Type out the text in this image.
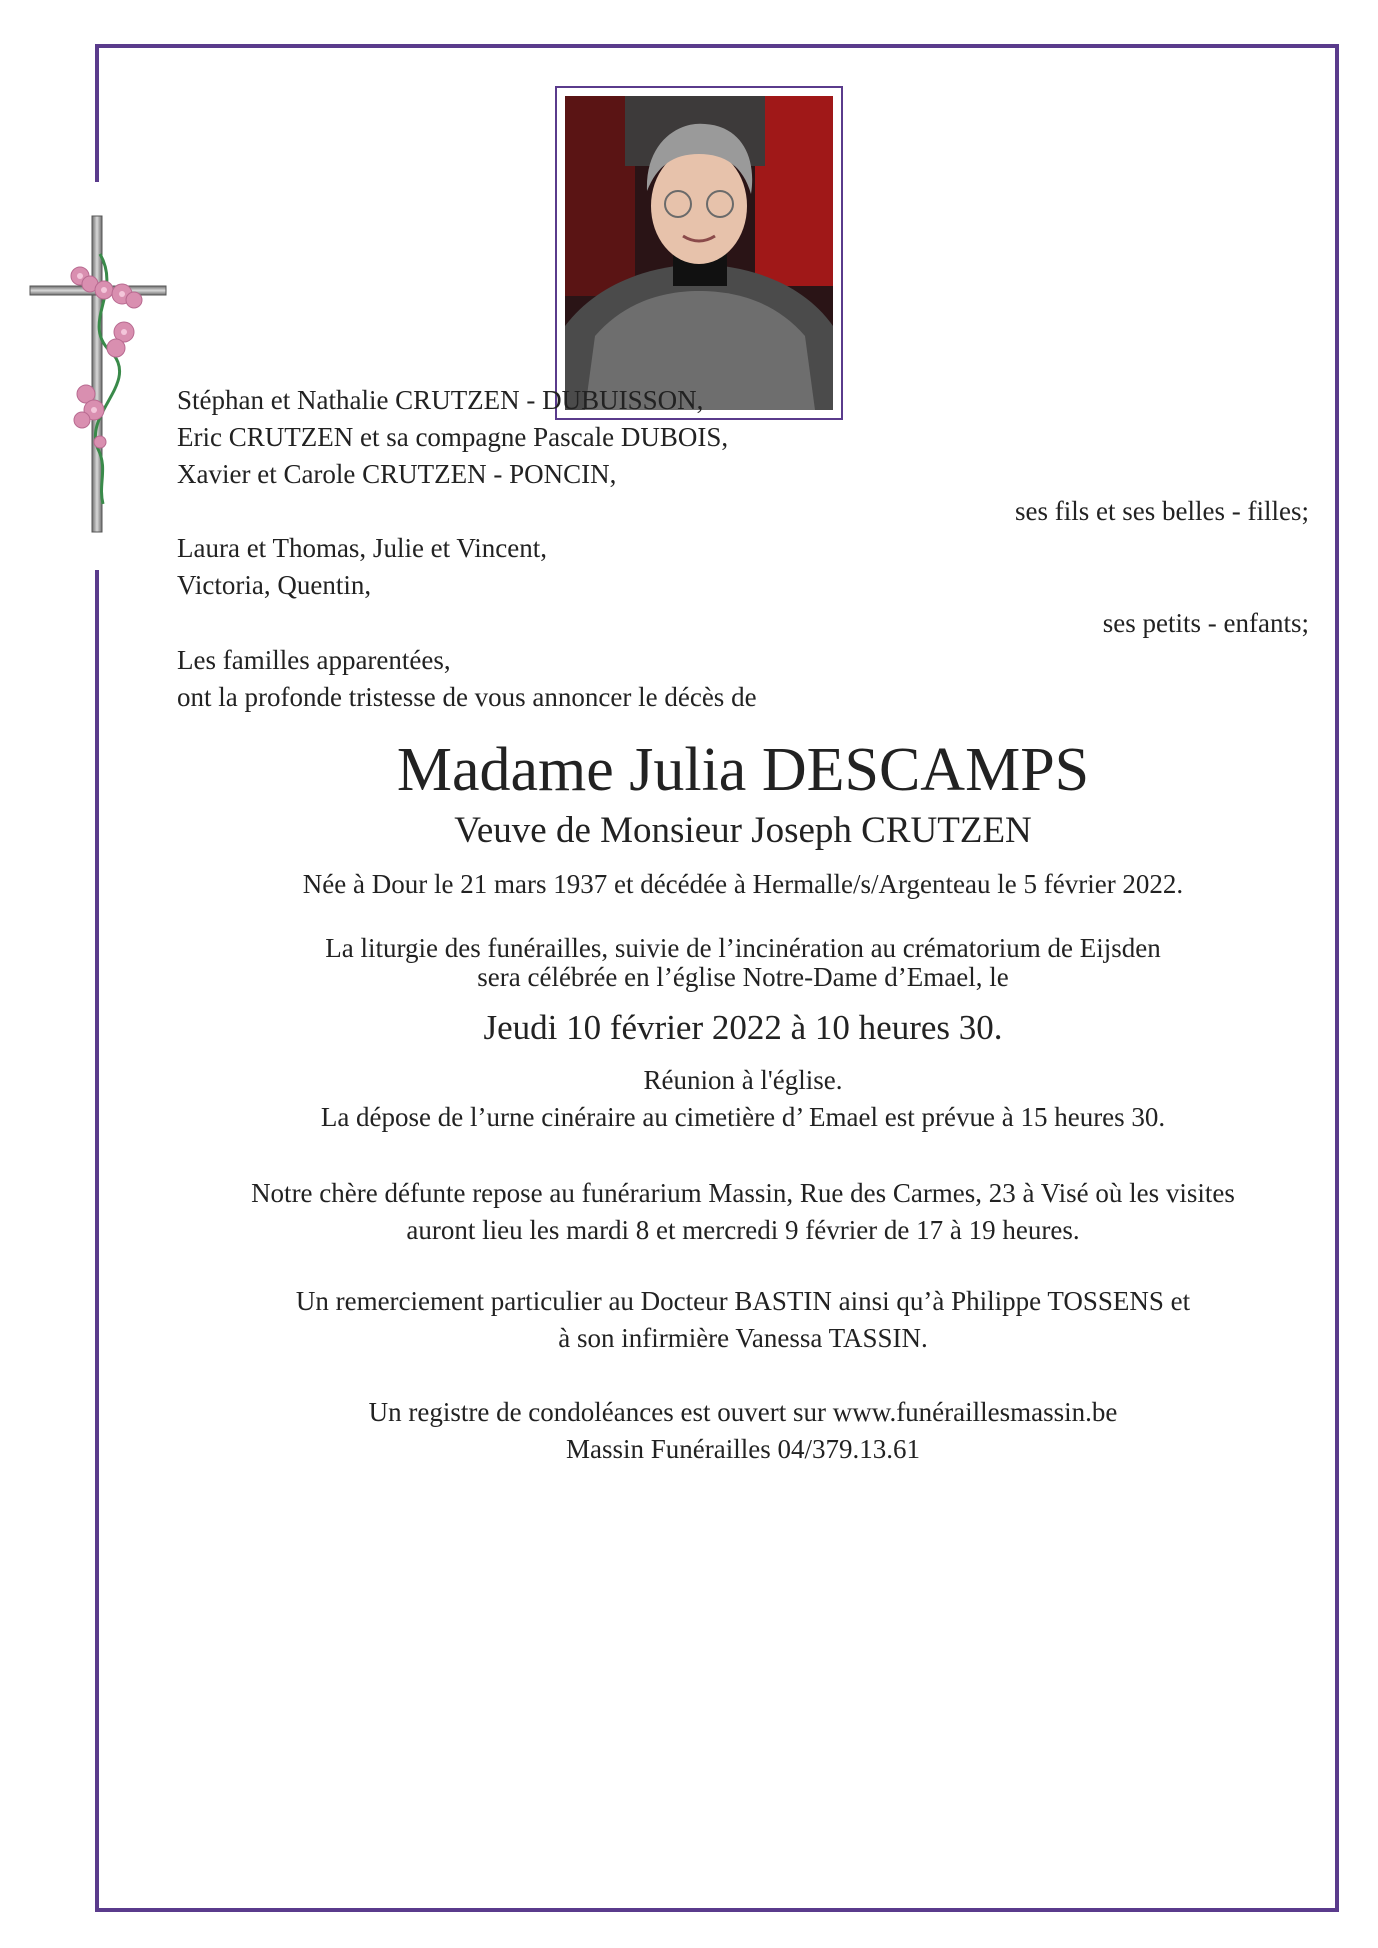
Stéphan et Nathalie CRUTZEN - DUBUISSON,
Eric CRUTZEN et sa compagne Pascale DUBOIS,
Xavier et Carole CRUTZEN - PONCIN,
ses fils et ses belles - filles;
Laura et Thomas, Julie et Vincent,
Victoria, Quentin,
ses petits - enfants;
Les familles apparentées,
ont la profonde tristesse de vous annoncer le décès de
Madame Julia DESCAMPS
Veuve de Monsieur Joseph CRUTZEN
Née à Dour le 21 mars 1937 et décédée à Hermalle/s/Argenteau le 5 février 2022.
La liturgie des funérailles, suivie de l’incinération au crématorium de Eijsden
sera célébrée en l’église Notre-Dame d’Emael, le
Jeudi 10 février 2022 à 10 heures 30.
Réunion à l'église.
La dépose de l’urne cinéraire au cimetière d’ Emael est prévue à 15 heures 30.
Notre chère défunte repose au funérarium Massin, Rue des Carmes, 23 à Visé où les visites
auront lieu les mardi 8 et mercredi 9 février de 17 à 19 heures.
Un remerciement particulier au Docteur BASTIN ainsi qu’à Philippe TOSSENS et
à son infirmière Vanessa TASSIN.
Un registre de condoléances est ouvert sur www.funéraillesmassin.be
Massin Funérailles 04/379.13.61
